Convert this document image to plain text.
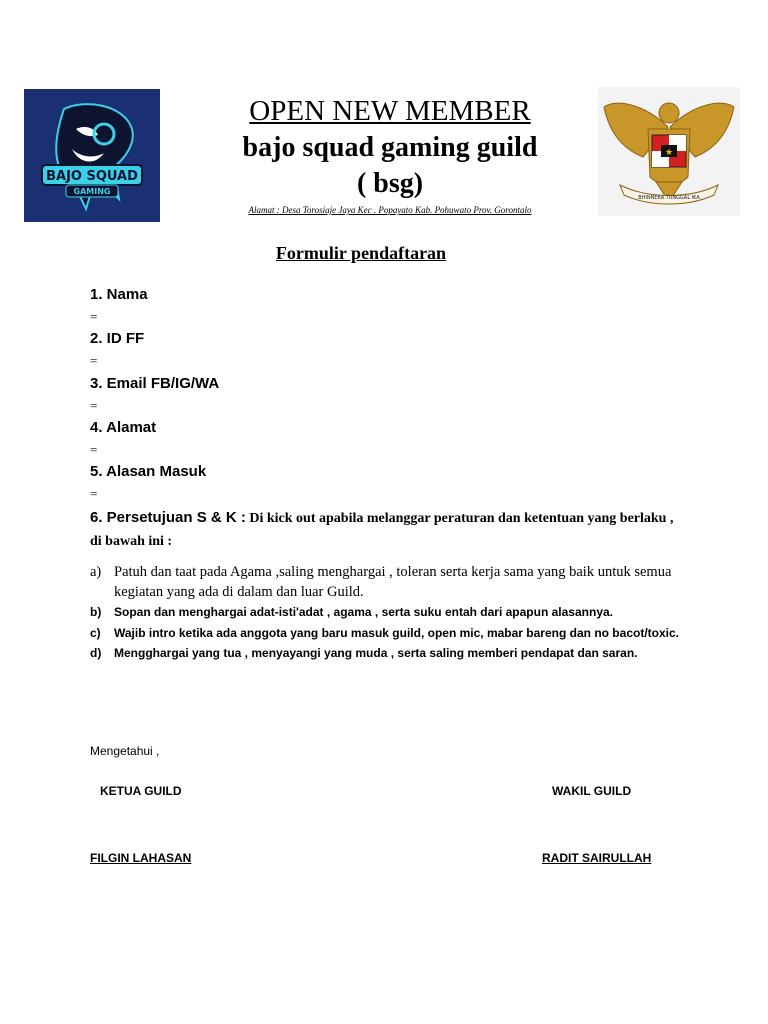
BAJO SQUAD
GAMING
★
BHINNEKA TUNGGAL IKA
OPEN NEW MEMBER
bajo squad gaming guild
( bsg)
Alamat : Desa Torosiaje Jaya Kec . Popayato Kab. Pohuwato Prov. Gorontalo
Formulir pendaftaran
1. Nama
=
2. ID FF
=
3. Email FB/IG/WA
=
4. Alamat
=
5. Alasan Masuk
=
6. Persetujuan S & K : Di kick out apabila melanggar peraturan dan ketentuan yang berlaku , di bawah ini :
a) Patuh dan taat pada Agama ,saling menghargai , toleran serta kerja sama yang baik untuk semua kegiatan yang ada di dalam dan luar Guild.
b) Sopan dan menghargai adat-isti'adat , agama , serta suku entah dari apapun alasannya.
c) Wajib intro ketika ada anggota yang baru masuk guild, open mic, mabar bareng dan no bacot/toxic.
d) Mengghargai yang tua , menyayangi yang muda , serta saling memberi pendapat dan saran.
Mengetahui ,
KETUA GUILD	WAKIL GUILD
FILGIN LAHASAN	RADIT SAIRULLAH
